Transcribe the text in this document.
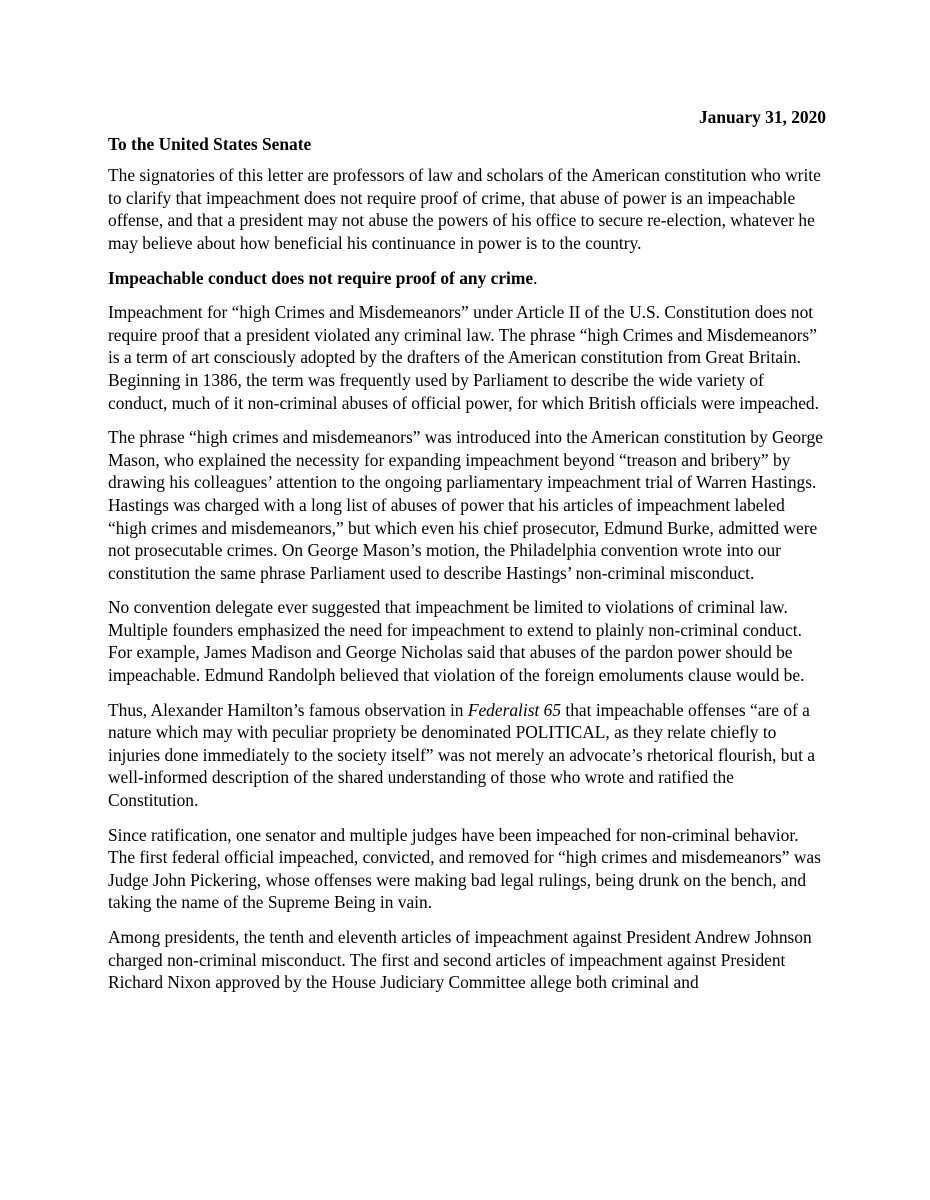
January 31, 2020
To the United States Senate

The signatories of this letter are professors of law and scholars of the American constitution who write to clarify that impeachment does not require proof of crime, that abuse of power is an impeachable offense, and that a president may not abuse the powers of his office to secure re-election, whatever he may believe about how beneficial his continuance in power is to the country.

Impeachable conduct does not require proof of any crime.

Impeachment for “high Crimes and Misdemeanors” under Article II of the U.S. Constitution does not require proof that a president violated any criminal law. The phrase “high Crimes and Misdemeanors” is a term of art consciously adopted by the drafters of the American constitution from Great Britain. Beginning in 1386, the term was frequently used by Parliament to describe the wide variety of conduct, much of it non-criminal abuses of official power, for which British officials were impeached.

The phrase “high crimes and misdemeanors” was introduced into the American constitution by George Mason, who explained the necessity for expanding impeachment beyond “treason and bribery” by drawing his colleagues’ attention to the ongoing parliamentary impeachment trial of Warren Hastings. Hastings was charged with a long list of abuses of power that his articles of impeachment labeled “high crimes and misdemeanors,” but which even his chief prosecutor, Edmund Burke, admitted were not prosecutable crimes. On George Mason’s motion, the Philadelphia convention wrote into our constitution the same phrase Parliament used to describe Hastings’ non-criminal misconduct.

No convention delegate ever suggested that impeachment be limited to violations of criminal law. Multiple founders emphasized the need for impeachment to extend to plainly non-criminal conduct. For example, James Madison and George Nicholas said that abuses of the pardon power should be impeachable. Edmund Randolph believed that violation of the foreign emoluments clause would be.

Thus, Alexander Hamilton’s famous observation in Federalist 65 that impeachable offenses “are of a nature which may with peculiar propriety be denominated POLITICAL, as they relate chiefly to injuries done immediately to the society itself” was not merely an advocate’s rhetorical flourish, but a well-informed description of the shared understanding of those who wrote and ratified the Constitution.

Since ratification, one senator and multiple judges have been impeached for non-criminal behavior. The first federal official impeached, convicted, and removed for “high crimes and misdemeanors” was Judge John Pickering, whose offenses were making bad legal rulings, being drunk on the bench, and taking the name of the Supreme Being in vain.

Among presidents, the tenth and eleventh articles of impeachment against President Andrew Johnson charged non-criminal misconduct. The first and second articles of impeachment against President Richard Nixon approved by the House Judiciary Committee allege both criminal and
